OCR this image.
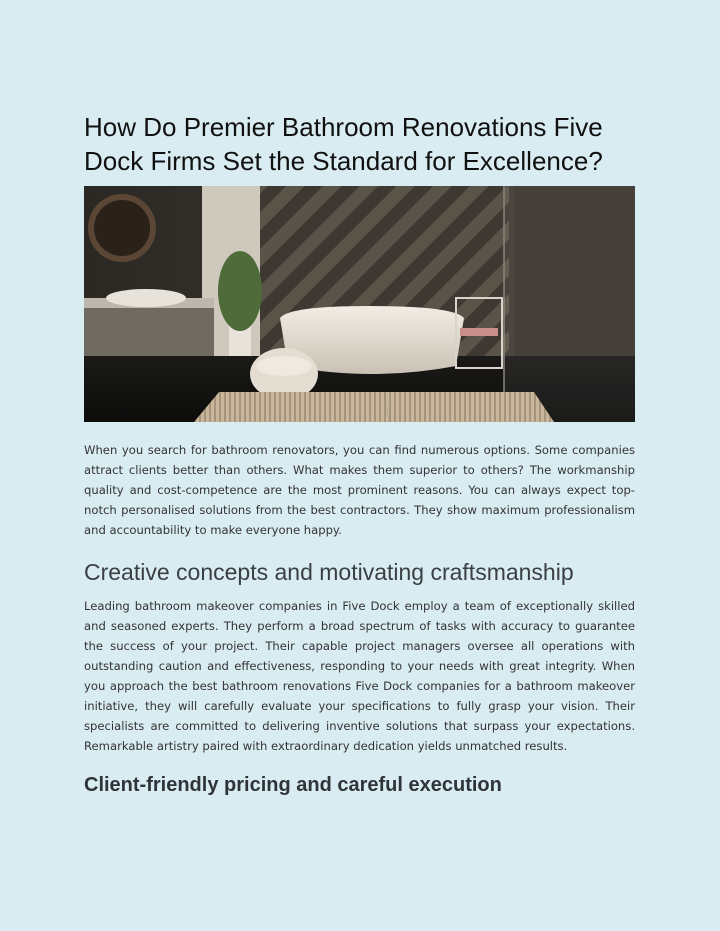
How Do Premier Bathroom Renovations Five Dock Firms Set the Standard for Excellence?

When you search for bathroom renovators, you can find numerous options. Some companies attract clients better than others. What makes them superior to others? The workmanship quality and cost-competence are the most prominent reasons. You can always expect top-notch personalised solutions from the best contractors. They show maximum professionalism and accountability to make everyone happy.

Creative concepts and motivating craftsmanship

Leading bathroom makeover companies in Five Dock employ a team of exceptionally skilled and seasoned experts. They perform a broad spectrum of tasks with accuracy to guarantee the success of your project. Their capable project managers oversee all operations with outstanding caution and effectiveness, responding to your needs with great integrity. When you approach the best bathroom renovations Five Dock companies for a bathroom makeover initiative, they will carefully evaluate your specifications to fully grasp your vision. Their specialists are committed to delivering inventive solutions that surpass your expectations. Remarkable artistry paired with extraordinary dedication yields unmatched results.

Client-friendly pricing and careful execution
